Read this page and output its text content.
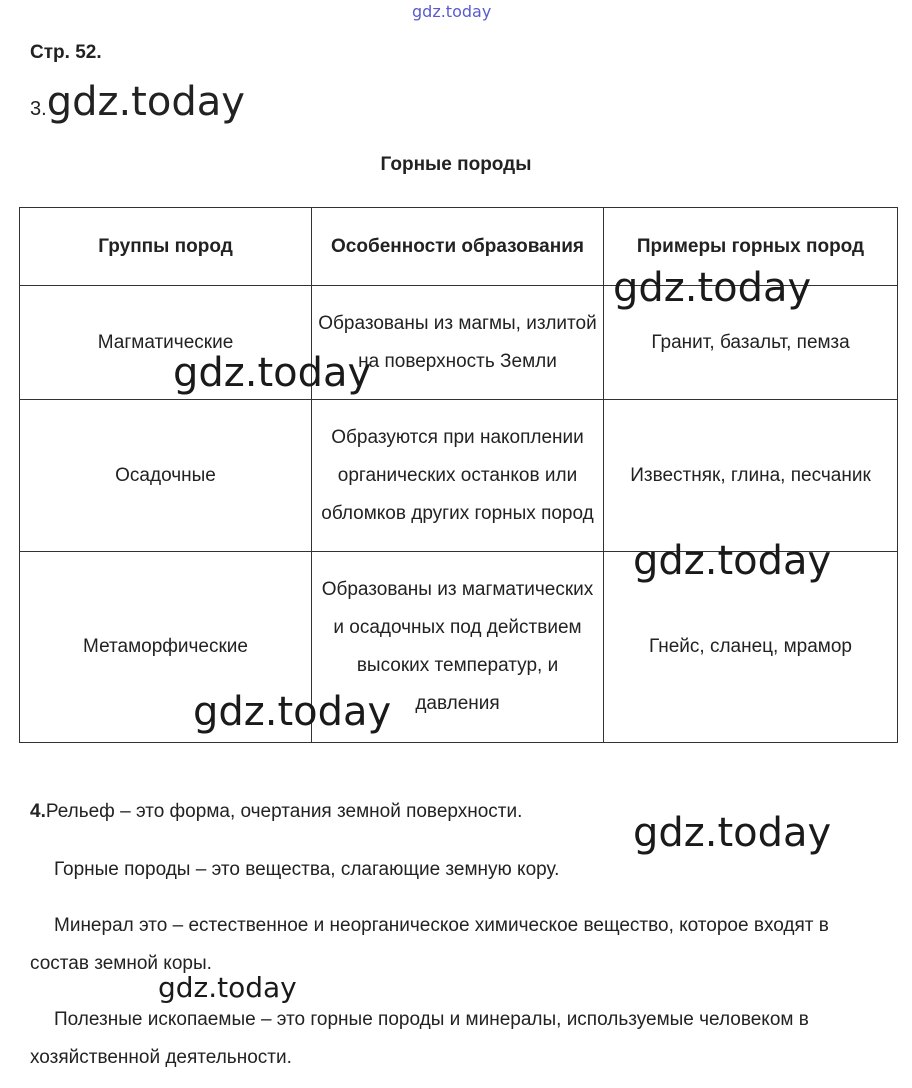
gdz.today
Стр. 52.
3.gdz.today
Горные породы
Группы пород	Особенности образования	Примеры горных пород
Магматические	Образованы из магмы, излитой на поверхность Земли	Гранит, базальт, пемза
Осадочные	Образуются при накоплении органических останков или обломков других горных пород	Известняк, глина, песчаник
Метаморфические	Образованы из магматических и осадочных под действием высоких температур, и давления	Гнейс, сланец, мрамор
4.Рельеф – это форма, очертания земной поверхности.
Горные породы – это вещества, слагающие земную кору.
Минерал это – естественное и неорганическое химическое вещество, которое входят в состав земной коры.
Полезные ископаемые – это горные породы и минералы, используемые человеком в хозяйственной деятельности.
gdz.today
gdz.today
gdz.today
gdz.today
gdz.today
gdz.today
